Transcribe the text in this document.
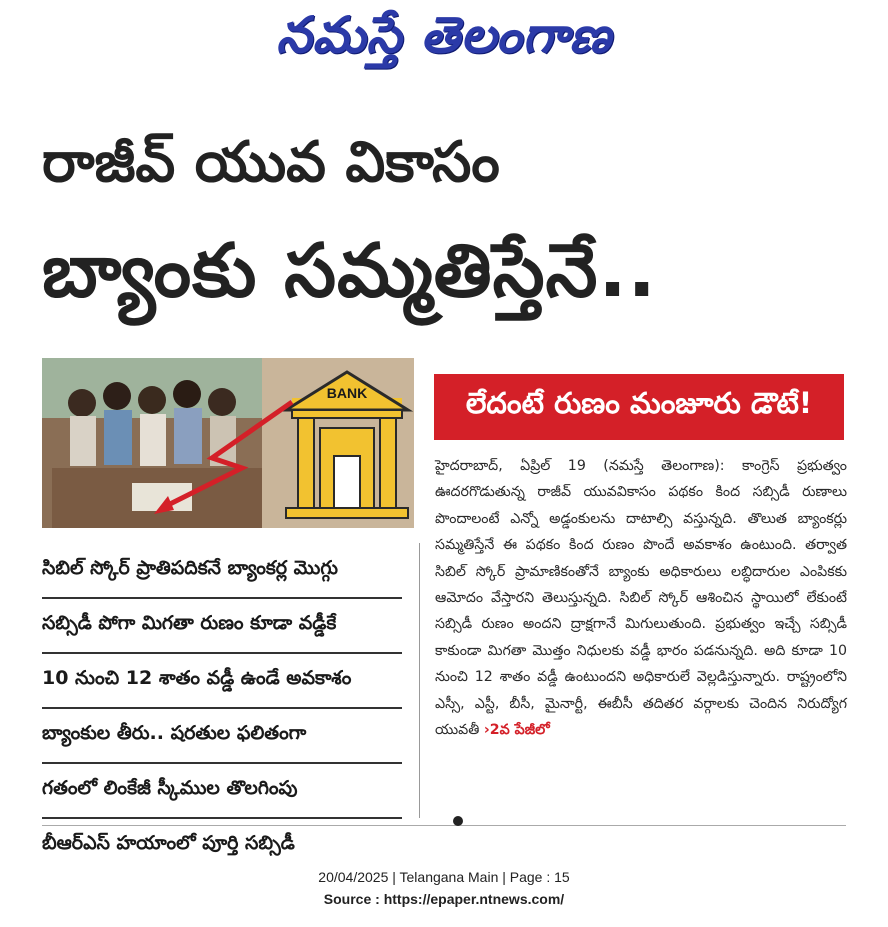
నమస్తే తెలంగాణ
రాజీవ్ యువ వికాసం
బ్యాంకు సమ్మతిస్తేనే..
BANK	లేదంటే రుణం మంజూరు డౌటే!
సిబిల్ స్కోర్ ప్రాతిపదికనే బ్యాంకర్ల మొగ్గు
సబ్సిడీ పోగా మిగతా రుణం కూడా వడ్డీకే
10 నుంచి 12 శాతం వడ్డీ ఉండే అవకాశం
బ్యాంకుల తీరు.. షరతుల ఫలితంగా
గతంలో లింకేజీ స్కీముల తొలగింపు
బీఆర్ఎస్ హయాంలో పూర్తి సబ్సిడీ
హైదరాబాద్, ఏప్రిల్ 19 (నమస్తే తెలంగాణ): కాంగ్రెస్ ప్రభుత్వం ఊదరగొడుతున్న రాజీవ్ యువవికాసం పథకం కింద సబ్సిడీ రుణాలు పొందాలంటే ఎన్నో అడ్డంకులను దాటాల్సి వస్తున్నది. తొలుత బ్యాంకర్లు సమ్మతిస్తేనే ఈ పథకం కింద రుణం పొందే అవకాశం ఉంటుంది. తర్వాత సిబిల్ స్కోర్ ప్రామాణికంతోనే బ్యాంకు అధికారులు లబ్ధిదారుల ఎంపికకు ఆమోదం వేస్తారని తెలుస్తున్నది. సిబిల్ స్కోర్ ఆశించిన స్థాయిలో లేకుంటే సబ్సిడీ రుణం అందని ద్రాక్షగానే మిగులుతుంది. ప్రభుత్వం ఇచ్చే సబ్సిడీ కాకుండా మిగతా మొత్తం నిధులకు వడ్డీ భారం పడనున్నది. అది కూడా 10 నుంచి 12 శాతం వడ్డీ ఉంటుందని అధికారులే వెల్లడిస్తున్నారు. రాష్ట్రంలోని ఎస్సీ, ఎస్టీ, బీసీ, మైనార్టీ, ఈబీసీ తదితర వర్గాలకు చెందిన నిరుద్యోగ యువతీ ›2వ పేజీలో
20/04/2025 | Telangana Main | Page : 15
Source : https://epaper.ntnews.com/
